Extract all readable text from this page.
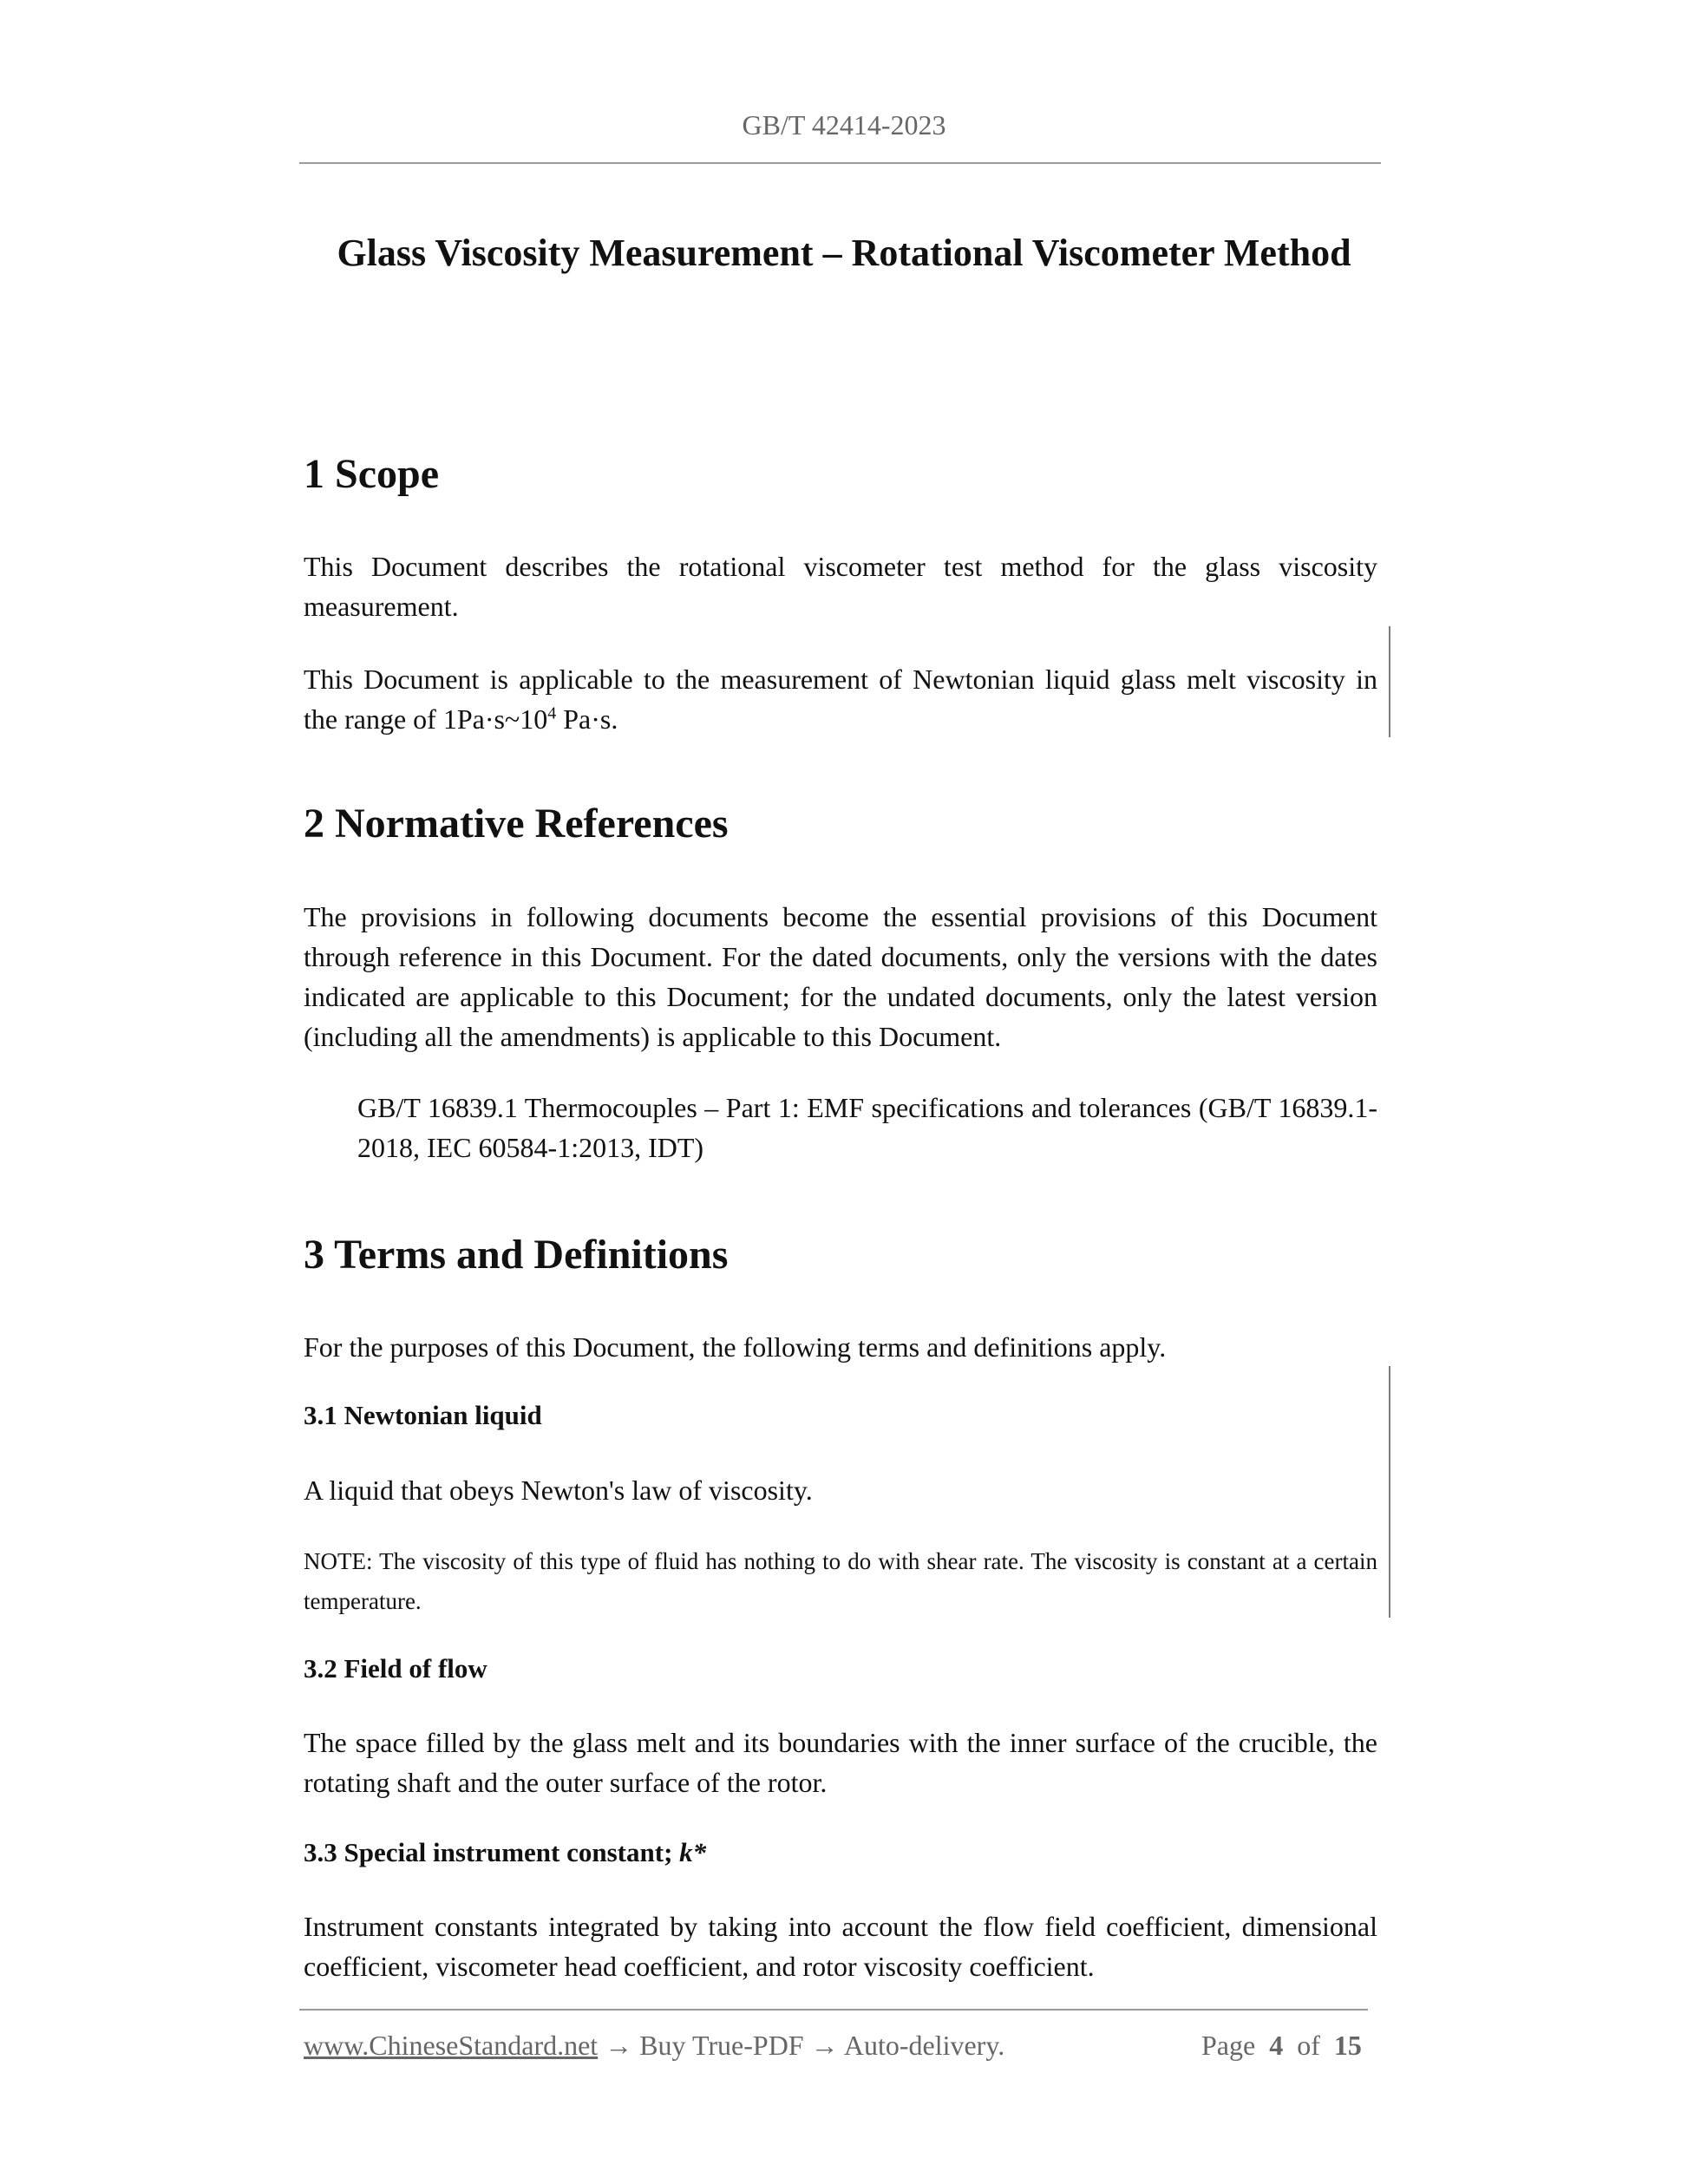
GB/T 42414-2023
Glass Viscosity Measurement – Rotational Viscometer Method
1 Scope
This Document describes the rotational viscometer test method for the glass viscosity measurement.
This Document is applicable to the measurement of Newtonian liquid glass melt viscosity in
the range of $1Pa\cdot s\sim 10^4$ Pa·s.
2 Normative References
The provisions in following documents become the essential provisions of this Document through reference in this Document. For the dated documents, only the versions with the dates indicated are applicable to this Document; for the undated documents, only the latest version (including all the amendments) is applicable to this Document.
GB/T 16839.1 Thermocouples – Part 1: EMF specifications and tolerances (GB/T 16839.1-2018, IEC 60584-1:2013, IDT)
3 Terms and Definitions
For the purposes of this Document, the following terms and definitions apply.
3.1 Newtonian liquid
A liquid that obeys Newton's law of viscosity.
NOTE: The viscosity of this type of fluid has nothing to do with shear rate. The viscosity is constant at a certain temperature.
3.2 Field of flow
The space filled by the glass melt and its boundaries with the inner surface of the crucible, the rotating shaft and the outer surface of the rotor.
3.3 Special instrument constant; k*
Instrument constants integrated by taking into account the flow field coefficient, dimensional coefficient, viscometer head coefficient, and rotor viscosity coefficient.
www.ChineseStandard.net → Buy True-PDF → Auto-delivery.	Page 4 of 15
